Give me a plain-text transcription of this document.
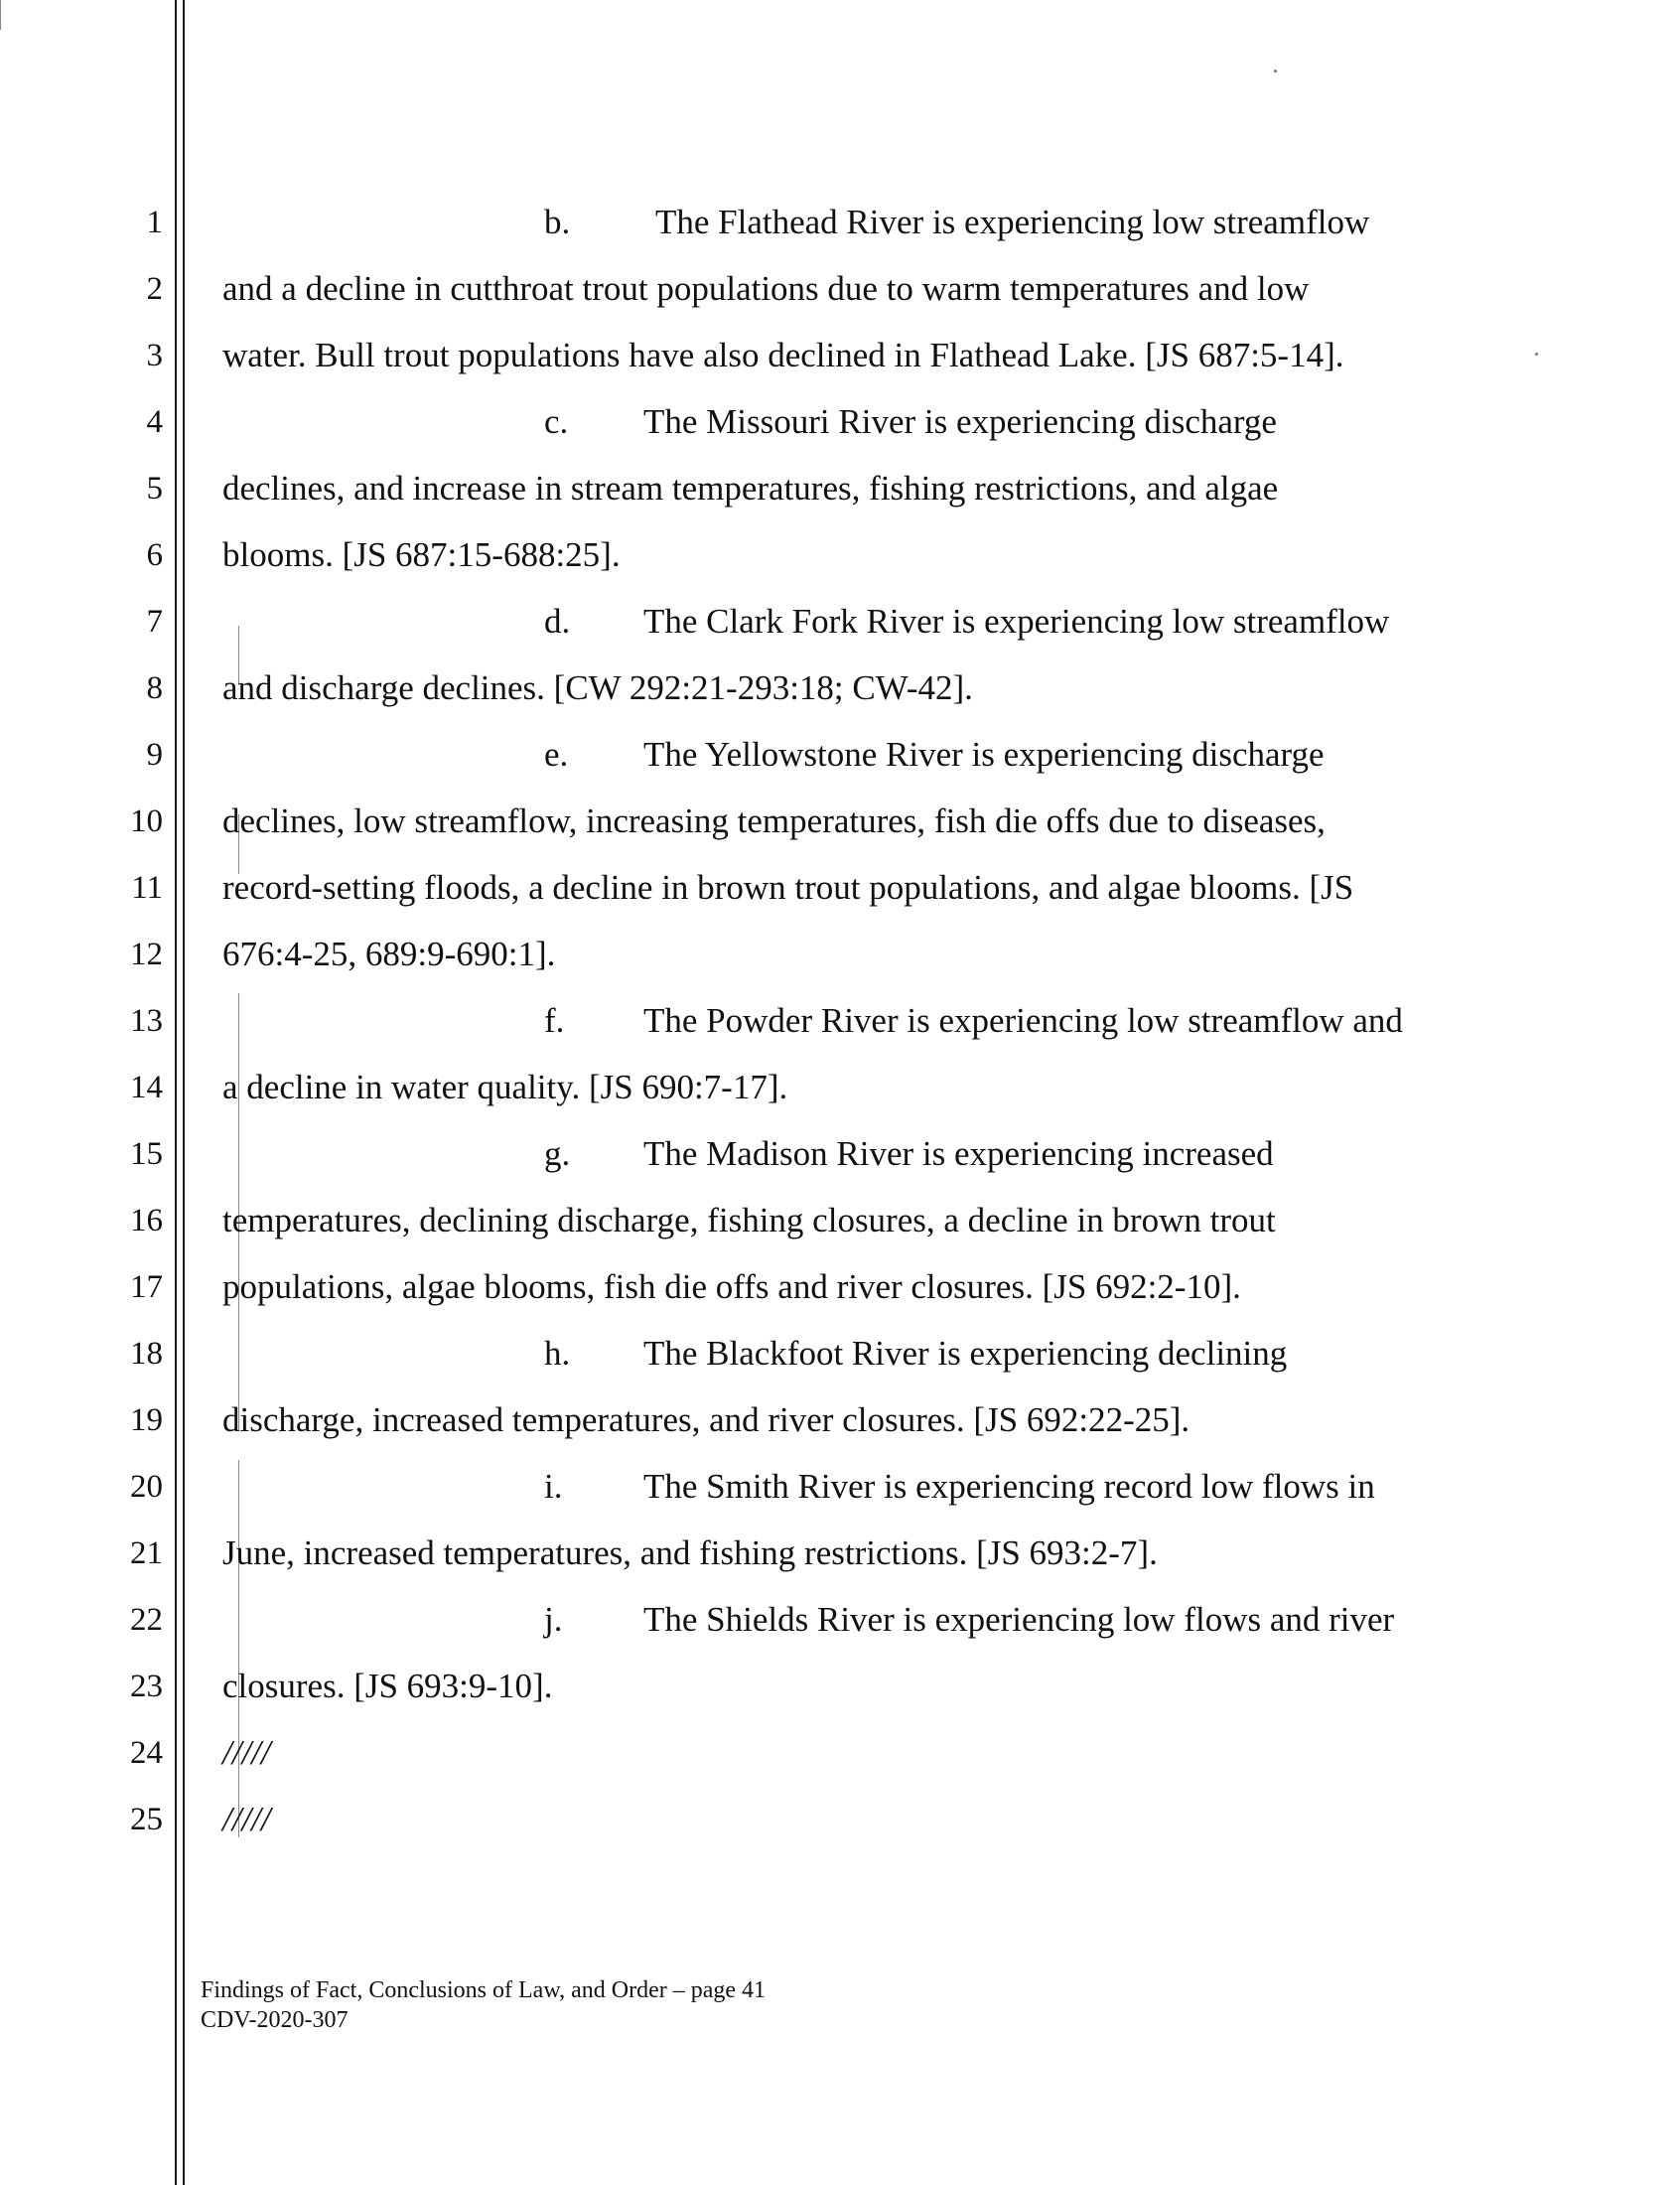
1
2
3
4
5
6
7
8
9
10
11
12
13
14
15
16
17
18
19
20
21
22
23
24
25
b. The Flathead River is experiencing low streamflow
and a decline in cutthroat trout populations due to warm temperatures and low
water. Bull trout populations have also declined in Flathead Lake. [JS 687:5-14].
c. The Missouri River is experiencing discharge
declines, and increase in stream temperatures, fishing restrictions, and algae
blooms. [JS 687:15-688:25].
d. The Clark Fork River is experiencing low streamflow
and discharge declines. [CW 292:21-293:18; CW-42].
e. The Yellowstone River is experiencing discharge
declines, low streamflow, increasing temperatures, fish die offs due to diseases,
record-setting floods, a decline in brown trout populations, and algae blooms. [JS
676:4-25, 689:9-690:1].
f. The Powder River is experiencing low streamflow and
a decline in water quality. [JS 690:7-17].
g. The Madison River is experiencing increased
temperatures, declining discharge, fishing closures, a decline in brown trout
populations, algae blooms, fish die offs and river closures. [JS 692:2-10].
h. The Blackfoot River is experiencing declining
discharge, increased temperatures, and river closures. [JS 692:22-25].
i. The Smith River is experiencing record low flows in
June, increased temperatures, and fishing restrictions. [JS 693:2-7].
j. The Shields River is experiencing low flows and river
closures. [JS 693:9-10].
/////
/////
Findings of Fact, Conclusions of Law, and Order – page 41
CDV-2020-307
